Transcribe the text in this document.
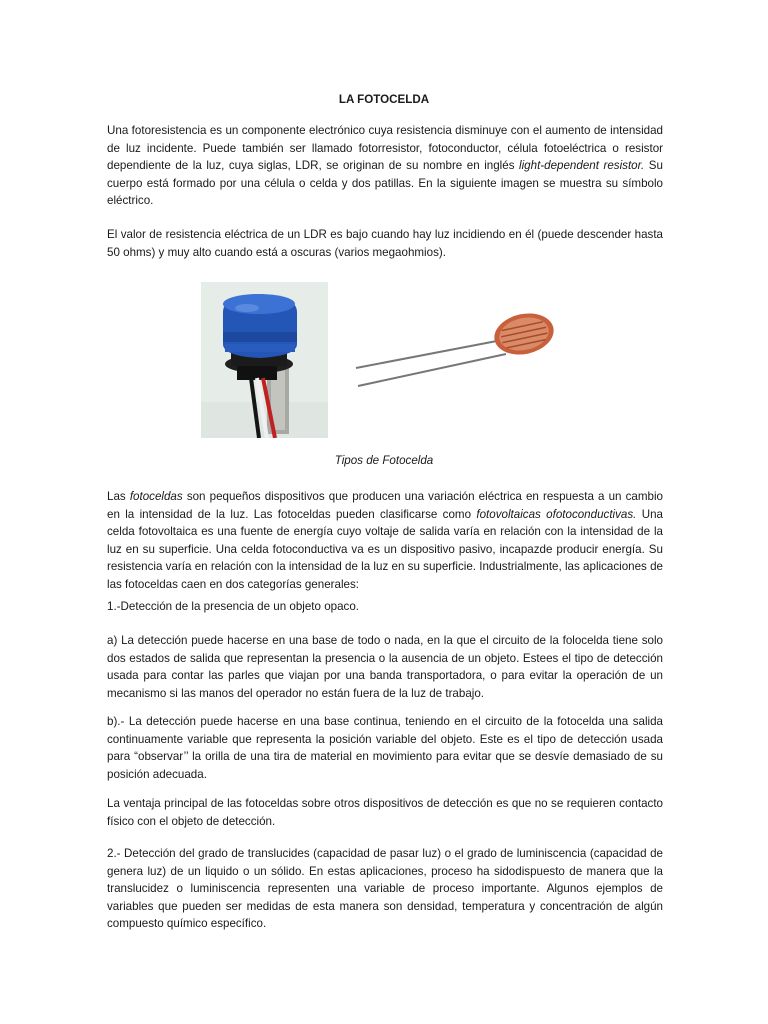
LA FOTOCELDA
Una fotoresistencia es un componente electrónico cuya resistencia disminuye con el aumento de intensidad de luz incidente. Puede también ser llamado fotorresistor, fotoconductor, célula fotoeléctrica o resistor dependiente de la luz, cuya siglas, LDR, se originan de su nombre en inglés light-dependent resistor. Su cuerpo está formado por una célula o celda y dos patillas. En la siguiente imagen se muestra su símbolo eléctrico.
El valor de resistencia eléctrica de un LDR es bajo cuando hay luz incidiendo en él (puede descender hasta 50 ohms) y muy alto cuando está a oscuras (varios megaohmios).
Tipos de Fotocelda
Las fotoceldas son pequeños dispositivos que producen una variación eléctrica en respuesta a un cambio en la intensidad de la luz. Las fotoceldas pueden clasificarse como fotovoltaicas ofotoconductivas. Una celda fotovoltaica es una fuente de energía cuyo voltaje de salida varía en relación con la intensidad de la luz en su superficie. Una celda fotoconductiva va es un dispositivo pasivo, incapazde producir energía. Su resistencia varía en relación con la intensidad de la luz en su superficie. Industrialmente, las aplicaciones de las fotoceldas caen en dos categorías generales:
1.-Detección de la presencia de un objeto opaco.
a) La detección puede hacerse en una base de todo o nada, en la que el circuito de la folocelda tiene solo dos estados de salida que representan la presencia o la ausencia de un objeto. Estees el tipo de detección usada para contar las parles que viajan por una banda transportadora, o para evitar la operación de un mecanismo si las manos del operador no están fuera de la luz de trabajo.
b).- La detección puede hacerse en una base continua, teniendo en el circuito de la fotocelda una salida continuamente variable que representa la posición variable del objeto. Este es el tipo de detección usada para “observar’’ la orilla de una tira de material en movimiento para evitar que se desvíe demasiado de su posición adecuada.
La ventaja principal de las fotoceldas sobre otros dispositivos de detección es que no se requieren contacto físico con el objeto de detección.
2.- Detección del grado de translucides (capacidad de pasar luz) o el grado de luminiscencia (capacidad de genera luz) de un liquido o un sólido. En estas aplicaciones, proceso ha sidodispuesto de manera que la translucidez o luminiscencia representen una variable de proceso importante. Algunos ejemplos de variables que pueden ser medidas de esta manera son densidad, temperatura y concentración de algún compuesto químico específico.
